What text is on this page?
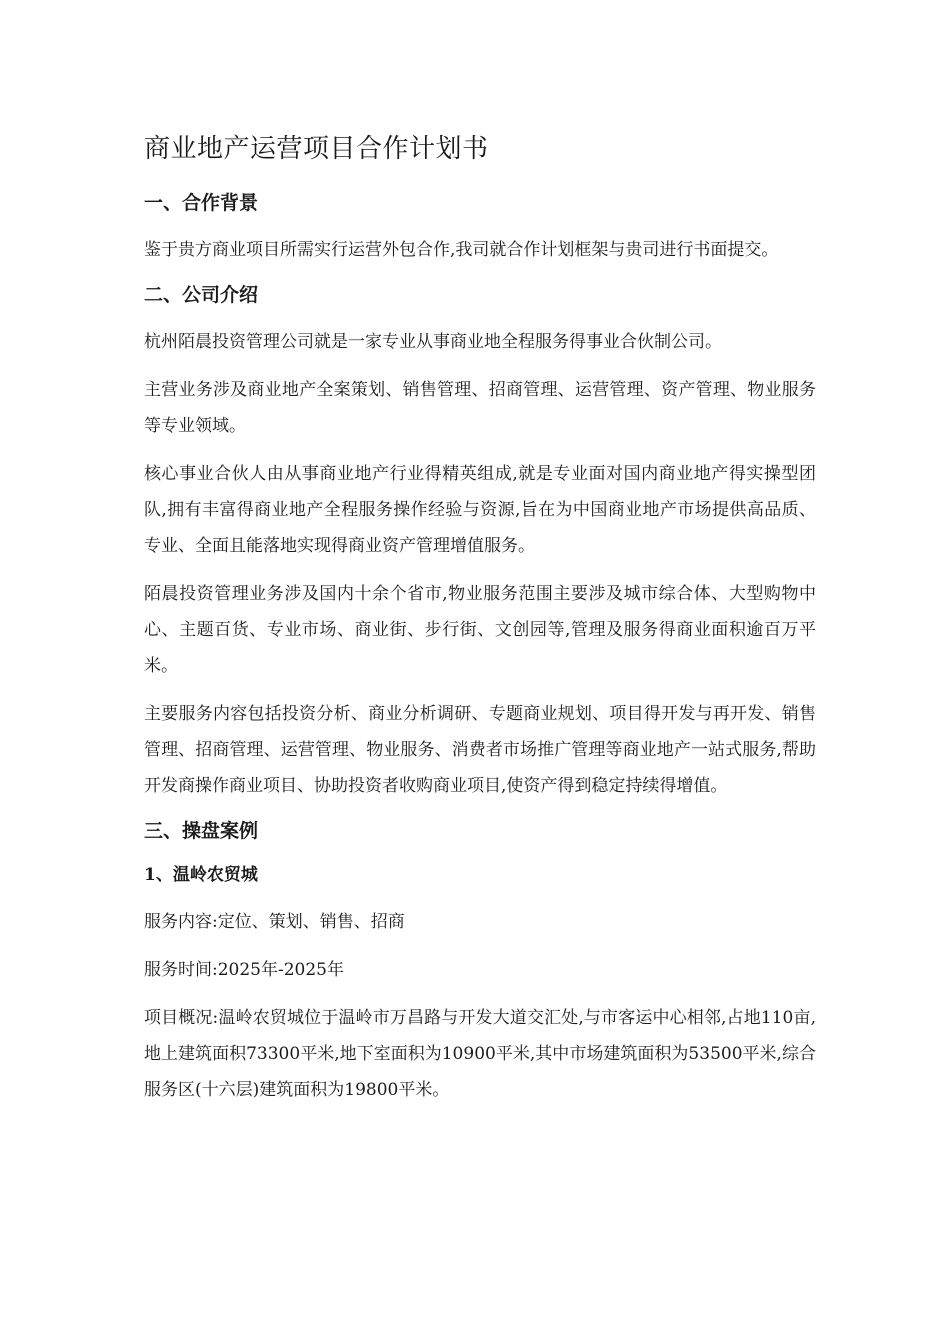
商业地产运营项目合作计划书
一、合作背景

鉴于贵方商业项目所需实行运营外包合作,我司就合作计划框架与贵司进行书面提交。

二、公司介绍

杭州陌晨投资管理公司就是一家专业从事商业地全程服务得事业合伙制公司。

主营业务涉及商业地产全案策划、销售管理、招商管理、运营管理、资产管理、物业服务等专业领域。

核心事业合伙人由从事商业地产行业得精英组成,就是专业面对国内商业地产得实操型团队,拥有丰富得商业地产全程服务操作经验与资源,旨在为中国商业地产市场提供高品质、专业、全面且能落地实现得商业资产管理增值服务。

陌晨投资管理业务涉及国内十余个省市,物业服务范围主要涉及城市综合体、大型购物中心、主题百货、专业市场、商业街、步行街、文创园等,管理及服务得商业面积逾百万平米。

主要服务内容包括投资分析、商业分析调研、专题商业规划、项目得开发与再开发、销售管理、招商管理、运营管理、物业服务、消费者市场推广管理等商业地产一站式服务,帮助开发商操作商业项目、协助投资者收购商业项目,使资产得到稳定持续得增值。

三、操盘案例
1、温岭农贸城

服务内容:定位、策划、销售、招商

服务时间:2025年-2025年

项目概况:温岭农贸城位于温岭市万昌路与开发大道交汇处,与市客运中心相邻,占地110亩,地上建筑面积73300平米,地下室面积为10900平米,其中市场建筑面积为53500平米,综合服务区(十六层)建筑面积为19800平米。
